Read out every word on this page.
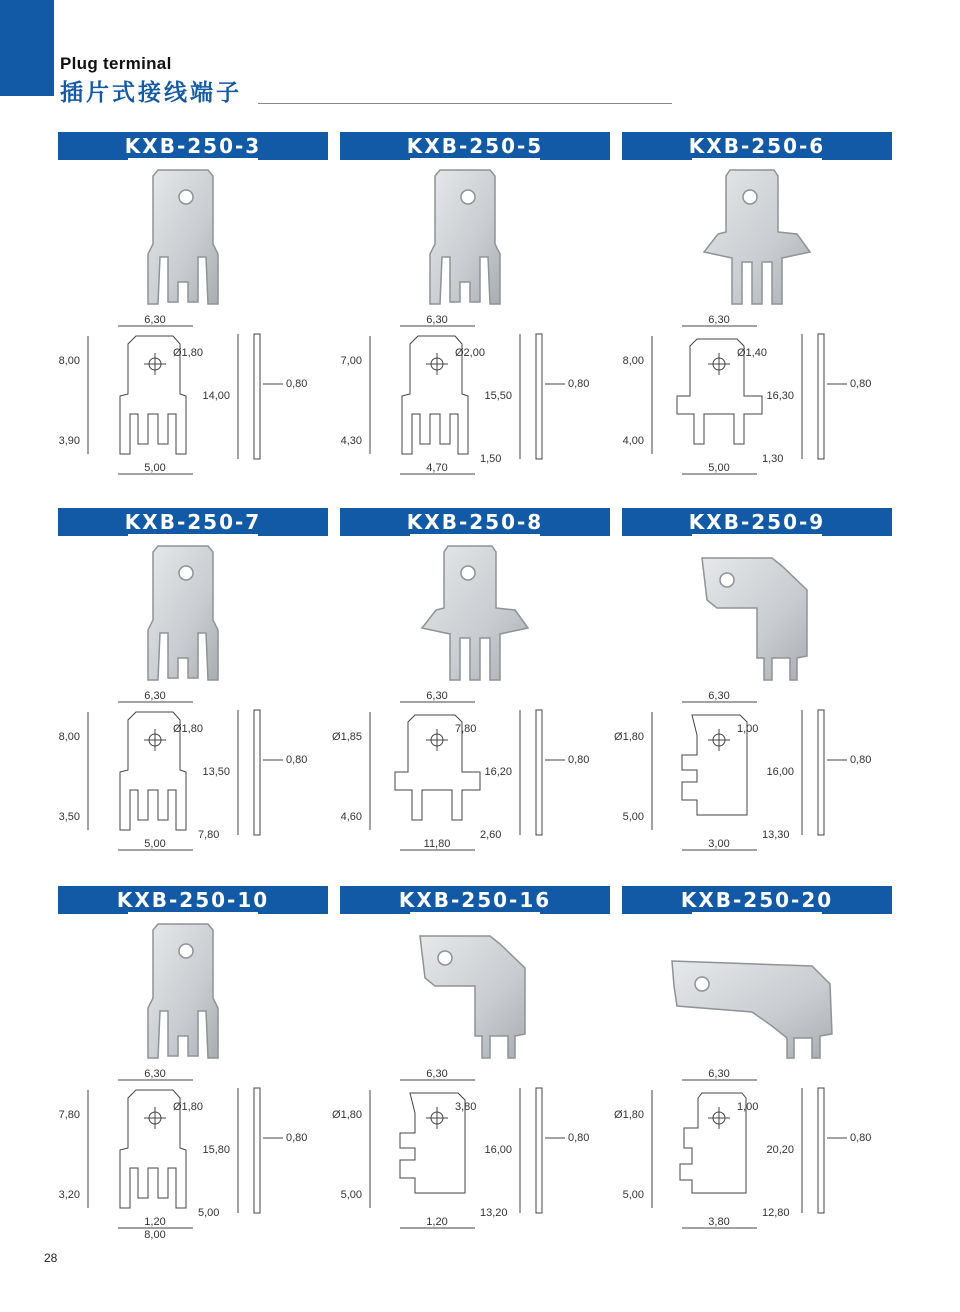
Plug terminal
插片式接线端子
KXB-250-3
6,30
8,00
Ø1,80
14,00
0,80
3,90
5,00
KXB-250-5
6,30
7,00
Ø2,00
15,50
0,80
4,30
4,70
1,50
KXB-250-6
6,30
8,00
Ø1,40
16,30
0,80
4,00
5,00
1,30
KXB-250-7
6,30
8,00
Ø1,80
13,50
0,80
3,50
5,00
7,80
KXB-250-8
6,30
Ø1,85
7,80
16,20
0,80
4,60
11,80
2,60
KXB-250-9
6,30
Ø1,80
1,00
16,00
0,80
5,00
3,00
13,30
KXB-250-10
6,30
7,80
Ø1,80
15,80
0,80
3,20
1,20
5,00
8,00
KXB-250-16
6,30
Ø1,80
3,80
16,00
0,80
5,00
1,20
13,20
KXB-250-20
6,30
Ø1,80
1,00
20,20
0,80
5,00
3,80
12,80
28
